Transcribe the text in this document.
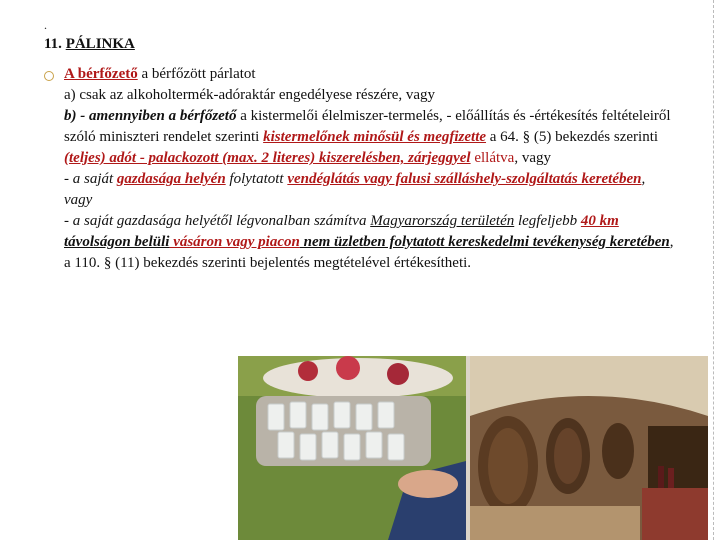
.
11. PÁLINKA
A bérfőzető a bérfőzött párlatot
a) csak az alkoholtermék-adóraktár engedélyese részére, vagy
b) - amennyiben a bérfőzető a kistermelői élelmiszer-termelés, - előállítás és -értékesítés feltételeiről szóló miniszteri rendelet szerinti kistermelőnek minősül és megfizette a 64. § (5) bekezdés szerinti (teljes) adót - palackozott (max. 2 literes) kiszerelésben, zárjeggyel ellátva, vagy
- a saját gazdasága helyén folytatott vendéglátás vagy falusi szálláshely-szolgáltatás keretében, vagy
- a saját gazdasága helyétől légvonalban számítva Magyarország területén legfeljebb 40 km távolságon belüli vásáron vagy piacon nem üzletben folytatott kereskedelmi tevékenység keretében, a 110. § (11) bekezdés szerinti bejelentés megtételével értékesítheti.
